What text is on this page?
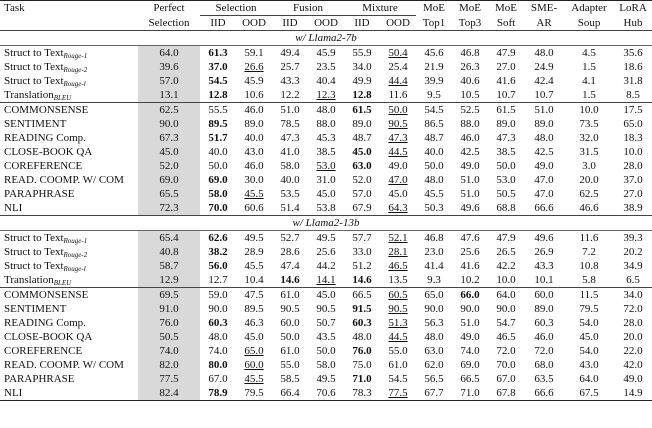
Task	Perfect	Selection		Fusion		Mixture		MoE	MoE	MoE	SME-	Adapter	LoRA
	Selection	IID	OOD	IID	OOD	IID	OOD	Top1	Top3	Soft	AR	Soup	Hub
w/ Llama2-7b													
Struct to Text$_{Rouge-1}$	64.0	61.3	59.1	49.4	45.9	55.9	50.4	45.6	46.8	47.9	48.0	4.5	35.6
Struct to Text$_{Rouge-2}$	39.6	37.0	26.6	25.7	23.5	34.0	25.4	21.9	26.3	27.0	24.9	1.5	18.6
Struct to Text$_{Rouge-l}$	57.0	54.5	45.9	43.3	40.4	49.9	44.4	39.9	40.6	41.6	42.4	4.1	31.8
Translation$_{BLEU}$	13.1	12.8	10.6	12.2	12.3	12.8	11.6	9.5	10.5	10.7	10.7	1.5	8.5
COMMONSENSE	62.5	55.5	46.0	51.0	48.0	61.5	50.0	54.5	52.5	61.5	51.0	10.0	17.5
SENTIMENT	90.0	89.5	89.0	78.5	88.0	89.0	90.5	86.5	88.0	89.0	89.0	73.5	65.0
READING Comp.	67.3	51.7	40.0	47.3	45.3	48.7	47.3	48.7	46.0	47.3	48.0	32.0	18.3
CLOSE-BOOK QA	45.0	40.0	43.0	41.0	38.5	45.0	44.5	40.0	42.5	38.5	42.5	31.5	10.0
COREFERENCE	52.0	50.0	46.0	58.0	53.0	63.0	49.0	50.0	49.0	50.0	49.0	3.0	28.0
READ. COOMP. W/ COM	69.0	69.0	30.0	40.0	31.0	52.0	47.0	48.0	51.0	53.0	47.0	20.0	37.0
PARAPHRASE	65.5	58.0	45.5	53.5	45.0	57.0	45.0	45.5	51.0	50.5	47.0	62.5	27.0
NLI	72.3	70.0	60.6	51.4	53.8	67.9	64.3	50.3	49.6	68.8	66.6	46.6	38.9
w/ Llama2-13b													
Struct to Text$_{Rouge-1}$	65.4	62.6	49.5	52.7	49.5	57.7	52.1	46.8	47.6	47.9	49.6	11.6	39.3
Struct to Text$_{Rouge-2}$	40.8	38.2	28.9	28.6	25.6	33.0	28.1	23.0	25.6	26.5	26.9	7.2	20.2
Struct to Text$_{Rouge-l}$	58.7	56.0	45.5	47.4	44.2	51.2	46.5	41.4	41.6	42.2	43.3	10.8	34.9
Translation$_{BLEU}$	12.9	12.7	10.4	14.6	14.1	14.6	13.5	9.3	10.2	10.0	10.1	5.8	6.5
COMMONSENSE	69.5	59.0	47.5	61.0	45.0	66.5	60.5	65.0	66.0	64.0	60.0	11.5	34.0
SENTIMENT	91.0	90.0	89.5	90.5	90.5	91.5	90.5	90.0	90.0	90.0	89.0	79.5	72.0
READING Comp.	76.0	60.3	46.3	60.0	50.7	60.3	51.3	56.3	51.0	54.7	60.3	54.0	28.0
CLOSE-BOOK QA	50.5	48.0	45.0	50.0	43.5	48.0	44.5	48.0	49.0	46.5	46.0	45.0	20.0
COREFERENCE	74.0	74.0	65.0	61.0	50.0	76.0	55.0	63.0	74.0	72.0	72.0	54.0	22.0
READ. COOMP. W/ COM	82.0	80.0	60.0	55.0	58.0	75.0	61.0	62.0	69.0	70.0	68.0	43.0	42.0
PARAPHRASE	77.5	67.0	45.5	58.5	49.5	71.0	54.5	56.5	66.5	67.0	63.5	64.0	49.0
NLI	82.4	78.9	79.5	66.4	70.6	78.3	77.5	67.7	71.0	67.8	66.6	67.5	14.9
